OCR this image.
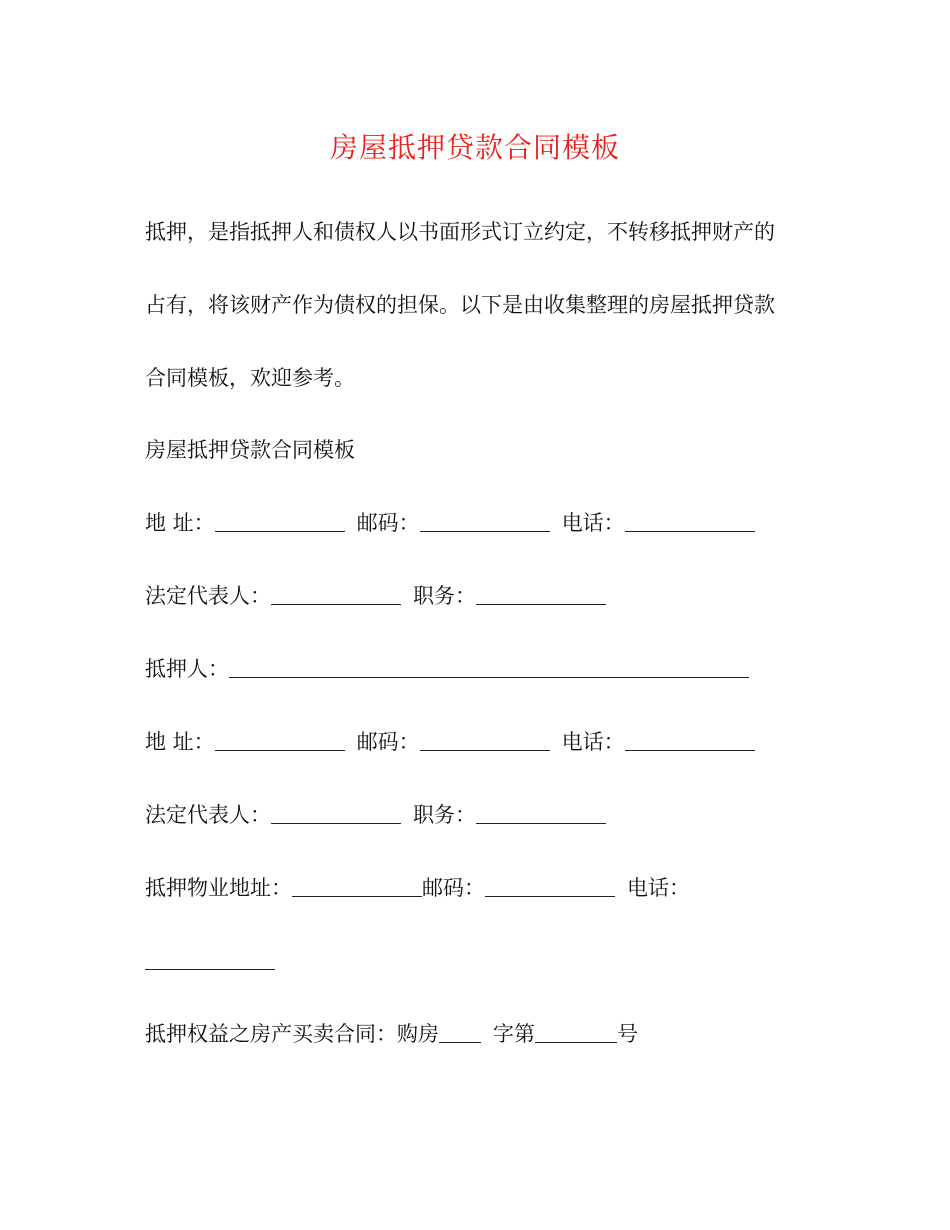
房屋抵押贷款合同模板
抵押，是指抵押人和债权人以书面形式订立约定，不转移抵押财产的
占有，将该财产作为债权的担保。以下是由收集整理的房屋抵押贷款
合同模板，欢迎参考。
房屋抵押贷款合同模板
地 址：	邮码：	电话：
法定代表人：	职务：
抵押人：
地 址：	邮码：	电话：
法定代表人：	职务：
抵押物业地址：	邮码：	电话：
抵押权益之房产买卖合同：购房	字第	号
